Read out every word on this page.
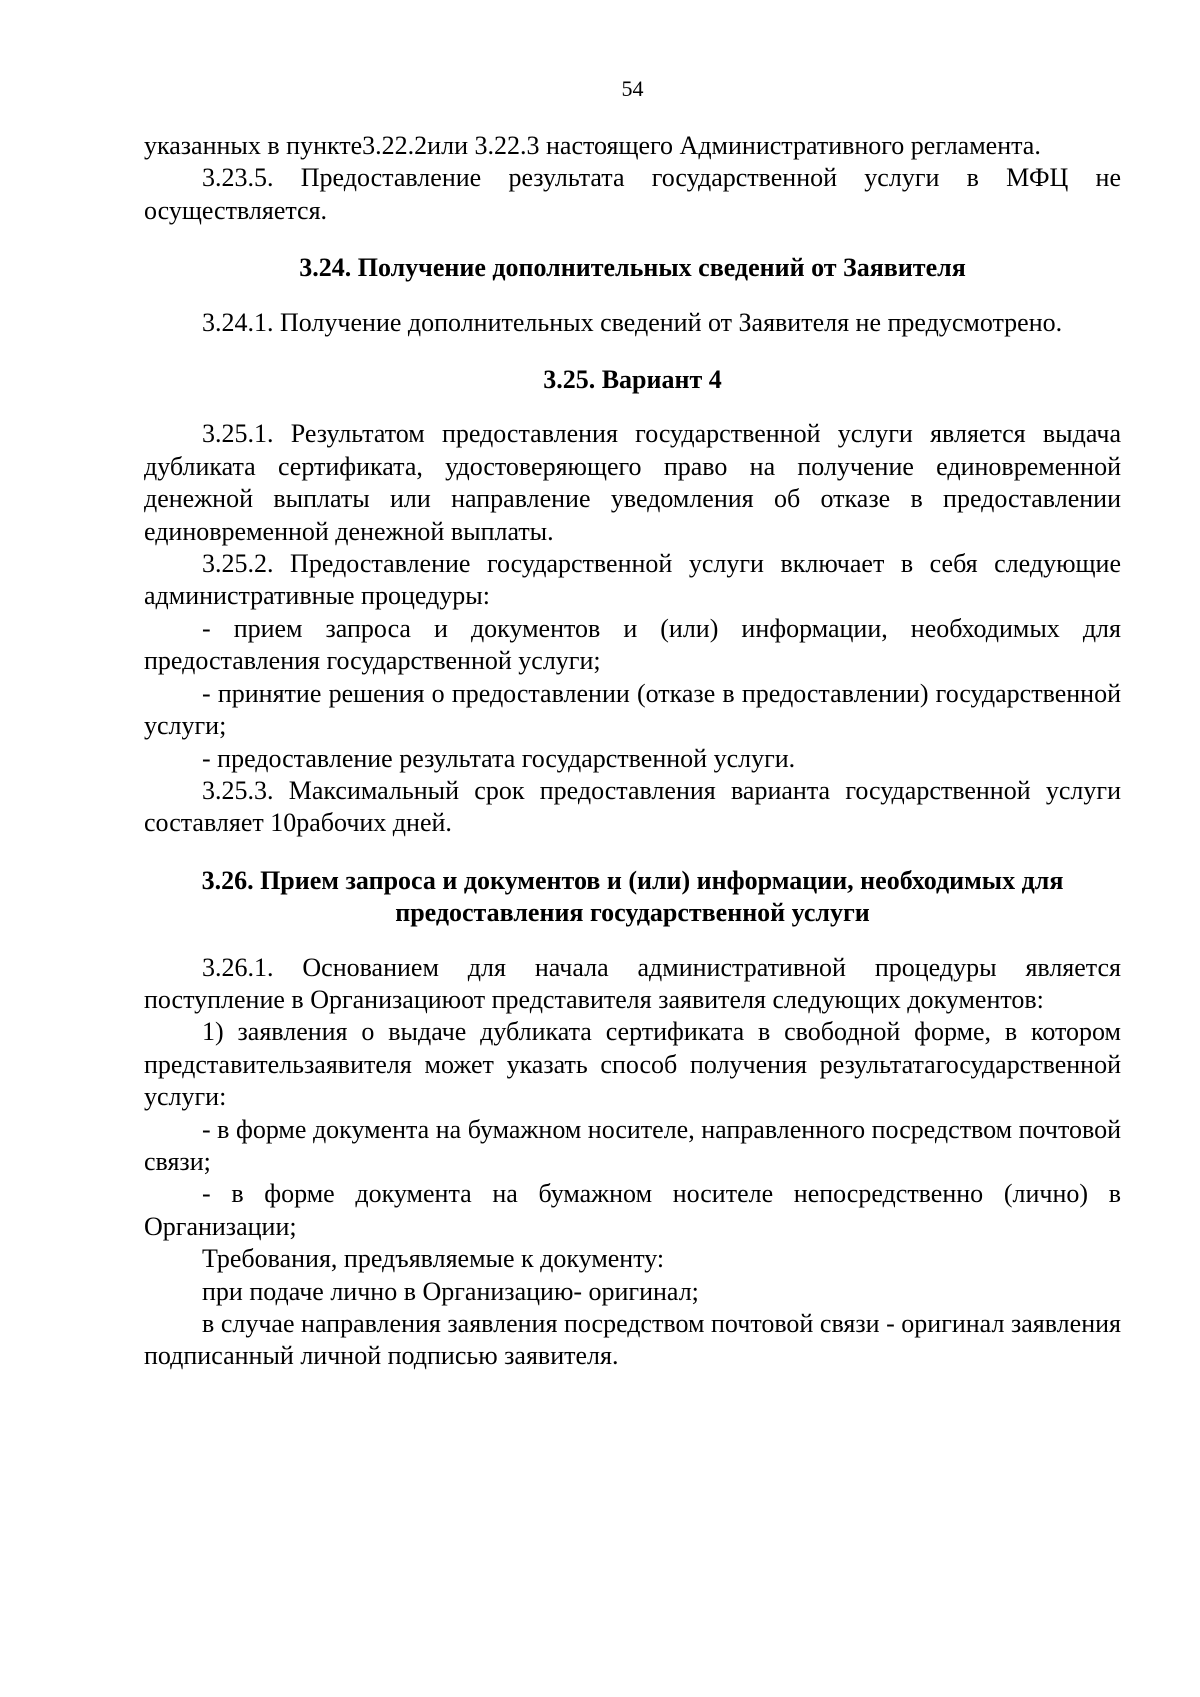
54

указанных в пункте3.22.2или 3.22.3 настоящего Административного регламента.

3.23.5. Предоставление результата государственной услуги в МФЦ не осуществляется.

3.24. Получение дополнительных сведений от Заявителя

3.24.1. Получение дополнительных сведений от Заявителя не предусмотрено.

3.25. Вариант 4

3.25.1. Результатом предоставления государственной услуги является выдача дубликата сертификата, удостоверяющего право на получение единовременной денежной выплаты или направление уведомления об отказе в предоставлении единовременной денежной выплаты.

3.25.2. Предоставление государственной услуги включает в себя следующие административные процедуры:

- прием запроса и документов и (или) информации, необходимых для предоставления государственной услуги;

- принятие решения о предоставлении (отказе в предоставлении) государственной услуги;

- предоставление результата государственной услуги.

3.25.3. Максимальный срок предоставления варианта государственной услуги составляет 10рабочих дней.

3.26. Прием запроса и документов и (или) информации, необходимых для предоставления государственной услуги

3.26.1. Основанием для начала административной процедуры является поступление в Организациюот представителя заявителя следующих документов:

1) заявления о выдаче дубликата сертификата в свободной форме, в котором представительзаявителя может указать способ получения результатагосударственной услуги:

- в форме документа на бумажном носителе, направленного посредством почтовой связи;

- в форме документа на бумажном носителе непосредственно (лично) в Организации;

Требования, предъявляемые к документу:

при подаче лично в Организацию- оригинал;

в случае направления заявления посредством почтовой связи - оригинал заявления подписанный личной подписью заявителя.
